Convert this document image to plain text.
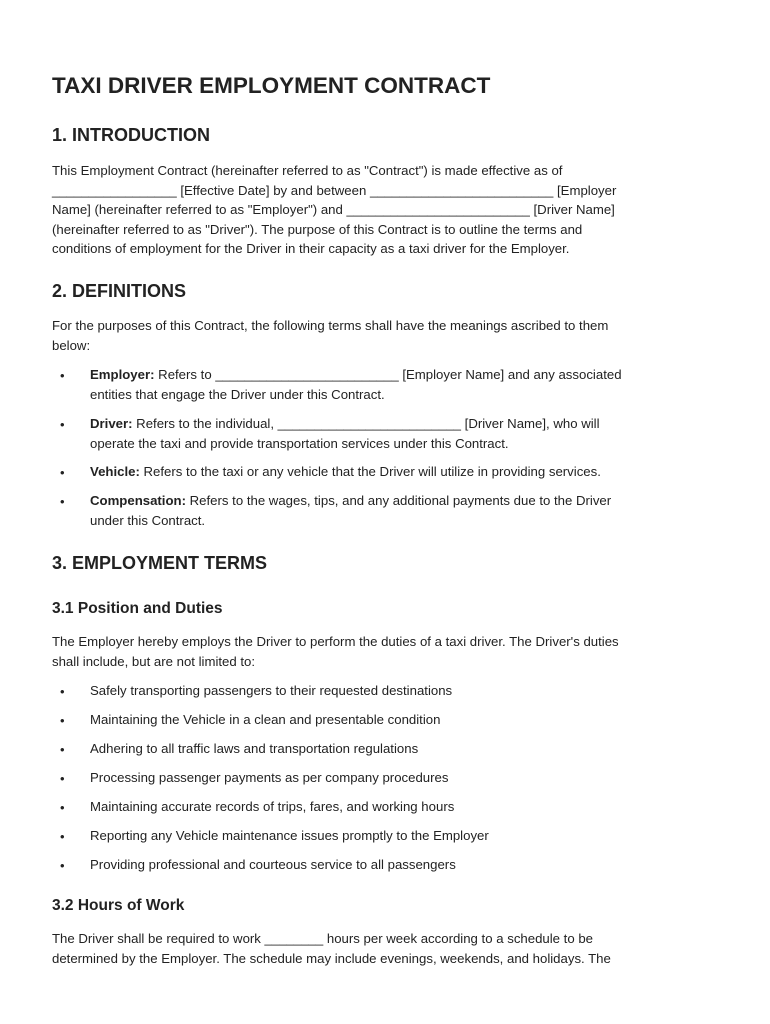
TAXI DRIVER EMPLOYMENT CONTRACT
1. INTRODUCTION
This Employment Contract (hereinafter referred to as "Contract") is made effective as of
_________________ [Effective Date] by and between _________________________ [Employer
Name] (hereinafter referred to as "Employer") and _________________________ [Driver Name]
(hereinafter referred to as "Driver"). The purpose of this Contract is to outline the terms and
conditions of employment for the Driver in their capacity as a taxi driver for the Employer.
2. DEFINITIONS
For the purposes of this Contract, the following terms shall have the meanings ascribed to them
below:
• Employer: Refers to _________________________ [Employer Name] and any associated
entities that engage the Driver under this Contract.
• Driver: Refers to the individual, _________________________ [Driver Name], who will
operate the taxi and provide transportation services under this Contract.
• Vehicle: Refers to the taxi or any vehicle that the Driver will utilize in providing services.
• Compensation: Refers to the wages, tips, and any additional payments due to the Driver
under this Contract.
3. EMPLOYMENT TERMS
3.1 Position and Duties
The Employer hereby employs the Driver to perform the duties of a taxi driver. The Driver's duties
shall include, but are not limited to:
• Safely transporting passengers to their requested destinations
• Maintaining the Vehicle in a clean and presentable condition
• Adhering to all traffic laws and transportation regulations
• Processing passenger payments as per company procedures
• Maintaining accurate records of trips, fares, and working hours
• Reporting any Vehicle maintenance issues promptly to the Employer
• Providing professional and courteous service to all passengers
3.2 Hours of Work
The Driver shall be required to work ________ hours per week according to a schedule to be
determined by the Employer. The schedule may include evenings, weekends, and holidays. The
